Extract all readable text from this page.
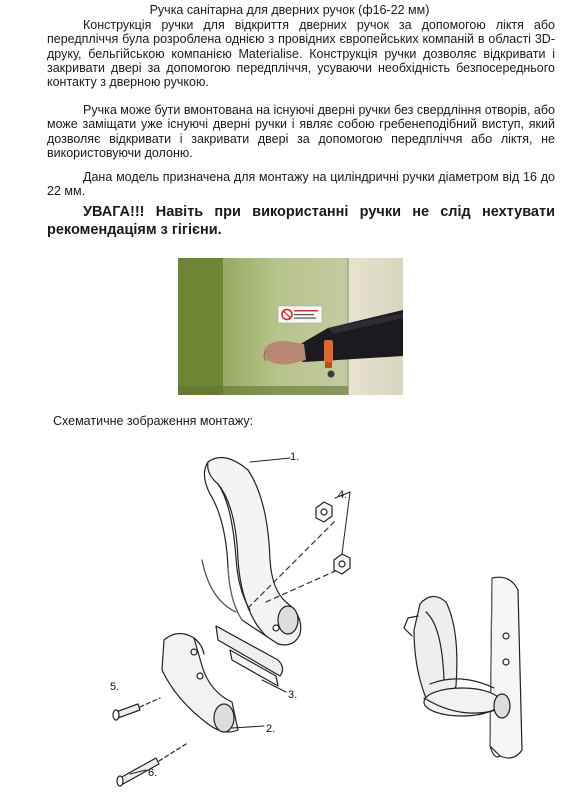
Ручка санітарна для дверних ручок (ф16-22 мм)
Конструкція ручки для відкриття дверних ручок за допомогою ліктя або передпліччя була розроблена однією з провідних європейських компаній в області 3D-друку, бельгійською компанією Materialise. Конструкція ручки дозволяє відкривати і закривати двері за допомогою передпліччя, усуваючи необхідність безпосереднього контакту з дверною ручкою.
Ручка може бути вмонтована на існуючі дверні ручки без свердління отворів, або може заміщати уже існуючі дверні ручки і являє собою гребенеподібний виступ, який дозволяє відкривати і закривати двері за допомогою передпліччя або ліктя, не використовуючи долоню.
Дана модель призначена для монтажу на циліндричні ручки діаметром від 16 до 22 мм.
УВАГА!!! Навіть при використанні ручки не слід нехтувати рекомендаціям з гігієни.
Схематичне зображення монтажу:
1.
2.
3.
4.
5.
6.
